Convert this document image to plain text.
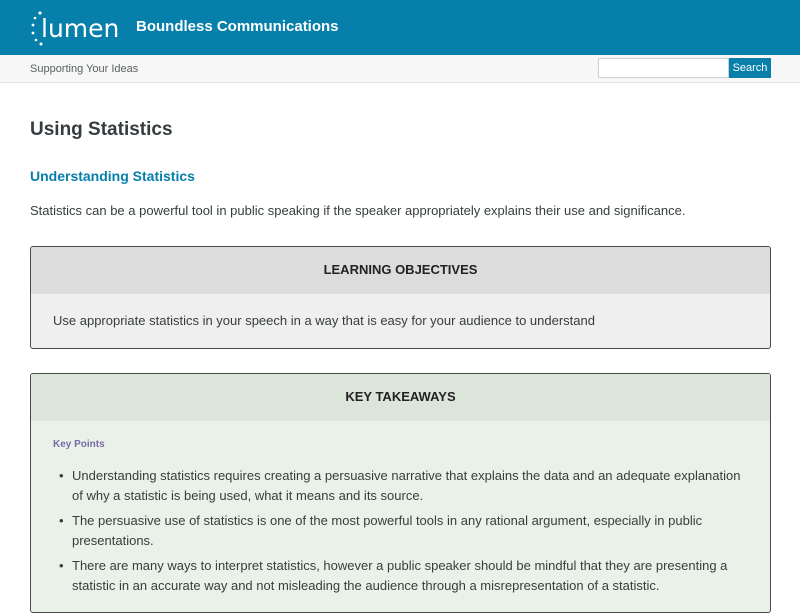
lumen Boundless Communications
Supporting Your Ideas	Search
Using Statistics
Understanding Statistics

Statistics can be a powerful tool in public speaking if the speaker appropriately explains their use and significance.

LEARNING OBJECTIVES
Use appropriate statistics in your speech in a way that is easy for your audience to understand
KEY TAKEAWAYS
Key Points
• Understanding statistics requires creating a persuasive narrative that explains the data and an adequate explanation of why a statistic is being used, what it means and its source.
• The persuasive use of statistics is one of the most powerful tools in any rational argument, especially in public presentations.
• There are many ways to interpret statistics, however a public speaker should be mindful that they are presenting a statistic in an accurate way and not misleading the audience through a misrepresentation of a statistic.
